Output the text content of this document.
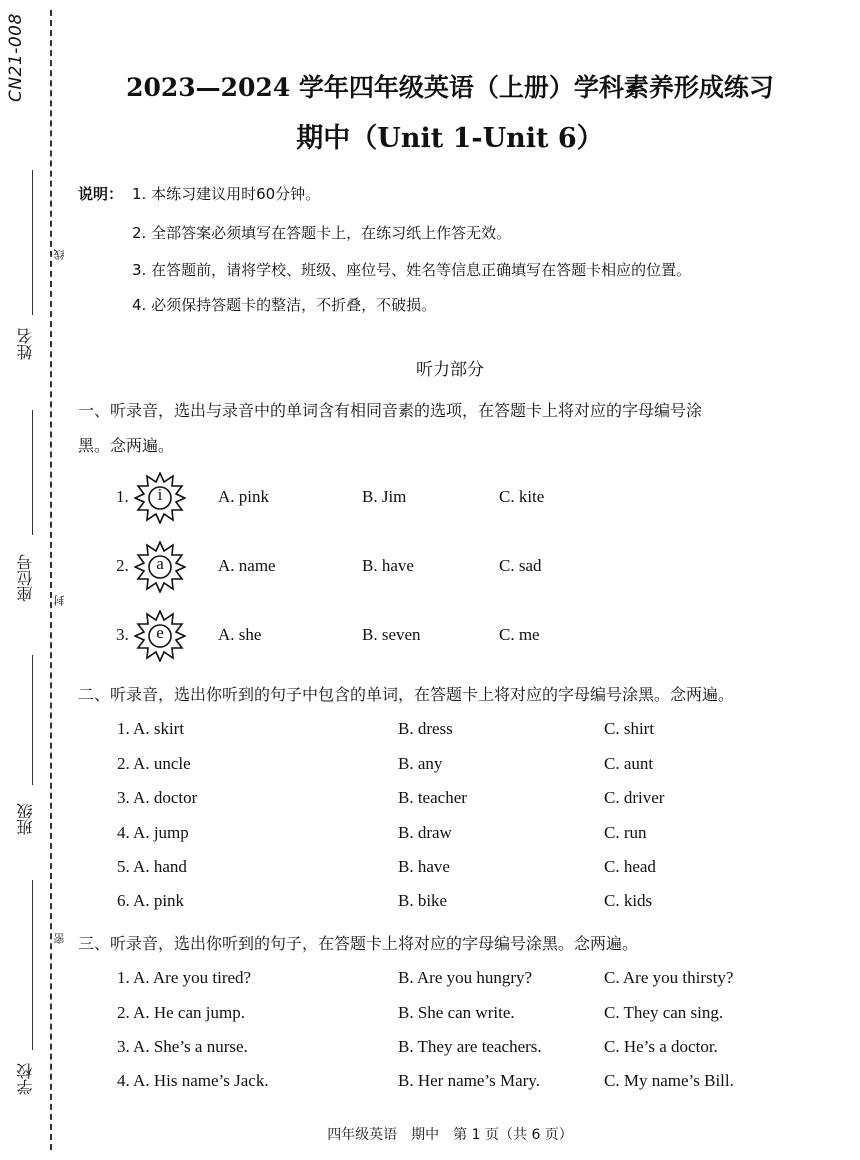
CN21-008
姓名
座位号
班级
学校
线
封
密
2023—2024 学年四年级英语（上册）学科素养形成练习
期中（Unit 1-Unit 6）
说明： 1. 本练习建议用时60分钟。
2. 全部答案必须填写在答题卡上，在练习纸上作答无效。
3. 在答题前，请将学校、班级、座位号、姓名等信息正确填写在答题卡相应的位置。
4. 必须保持答题卡的整洁，不折叠，不破损。
听力部分
一、听录音，选出与录音中的单词含有相同音素的选项，在答题卡上将对应的字母编号涂
黑。念两遍。
1.	i	A. pink	B. Jim	C. kite
2.	a	A. name	B. have	C. sad
3.	e	A. she	B. seven	C. me
二、听录音，选出你听到的句子中包含的单词，在答题卡上将对应的字母编号涂黑。念两遍。
1. A. skirt	B. dress	C. shirt
2. A. uncle	B. any	C. aunt
3. A. doctor	B. teacher	C. driver
4. A. jump	B. draw	C. run
5. A. hand	B. have	C. head
6. A. pink	B. bike	C. kids
三、听录音，选出你听到的句子，在答题卡上将对应的字母编号涂黑。念两遍。
1. A. Are you tired?	B. Are you hungry?	C. Are you thirsty?
2. A. He can jump.	B. She can write.	C. They can sing.
3. A. She’s a nurse.	B. They are teachers.	C. He’s a doctor.
4. A. His name’s Jack.	B. Her name’s Mary.	C. My name’s Bill.
四年级英语　期中　第 1 页（共 6 页）
